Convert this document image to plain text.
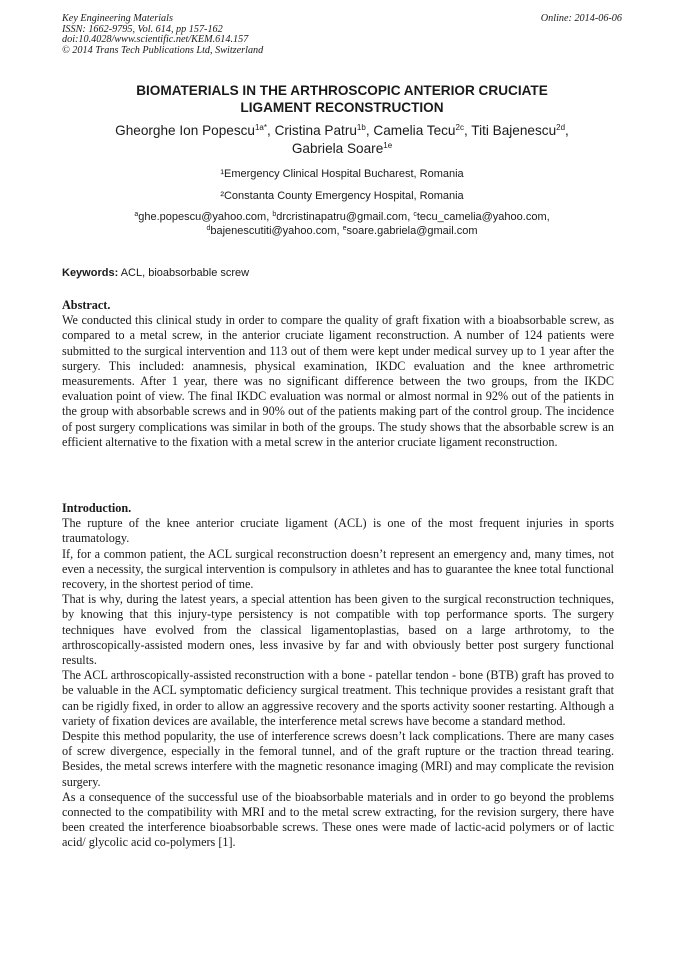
Key Engineering Materials	Online: 2014-06-06
ISSN: 1662-9795, Vol. 614, pp 157-162
doi:10.4028/www.scientific.net/KEM.614.157
© 2014 Trans Tech Publications Ltd, Switzerland
BIOMATERIALS IN THE ARTHROSCOPIC ANTERIOR CRUCIATE
LIGAMENT RECONSTRUCTION
Gheorghe Ion Popescu$^{1a*}$, Cristina Patru$^{1b}$, Camelia Tecu$^{2c}$, Titi Bajenescu$^{2d}$,
Gabriela Soare$^{1e}$
¹Emergency Clinical Hospital Bucharest, Romania
²Constanta County Emergency Hospital, Romania
$^a$ghe.popescu@yahoo.com, $^b$drcristinapatru@gmail.com, $^c$tecu_camelia@yahoo.com,
$^d$bajenescutiti@yahoo.com, $^e$soare.gabriela@gmail.com
Keywords: ACL, bioabsorbable screw

Abstract.

We conducted this clinical study in order to compare the quality of graft fixation with a bioabsorbable screw, as compared to a metal screw, in the anterior cruciate ligament reconstruction. A number of 124 patients were submitted to the surgical intervention and 113 out of them were kept under medical survey up to 1 year after the surgery. This included: anamnesis, physical examination, IKDC evaluation and the knee arthrometric measurements. After 1 year, there was no significant difference between the two groups, from the IKDC evaluation point of view. The final IKDC evaluation was normal or almost normal in 92% out of the patients in the group with absorbable screws and in 90% out of the patients making part of the control group. The incidence of post surgery complications was similar in both of the groups. The study shows that the absorbable screw is an efficient alternative to the fixation with a metal screw in the anterior cruciate ligament reconstruction.

Introduction.

The rupture of the knee anterior cruciate ligament (ACL) is one of the most frequent injuries in sports traumatology.

If, for a common patient, the ACL surgical reconstruction doesn’t represent an emergency and, many times, not even a necessity, the surgical intervention is compulsory in athletes and has to guarantee the knee total functional recovery, in the shortest period of time.

That is why, during the latest years, a special attention has been given to the surgical reconstruction techniques, by knowing that this injury-type persistency is not compatible with top performance sports. The surgery techniques have evolved from the classical ligamentoplastias, based on a large arthrotomy, to the arthroscopically-assisted modern ones, less invasive by far and with obviously better post surgery functional results.

The ACL arthroscopically-assisted reconstruction with a bone - patellar tendon - bone (BTB) graft has proved to be valuable in the ACL symptomatic deficiency surgical treatment. This technique provides a resistant graft that can be rigidly fixed, in order to allow an aggressive recovery and the sports activity sooner restarting. Although a variety of fixation devices are available, the interference metal screws have become a standard method.

Despite this method popularity, the use of interference screws doesn’t lack complications. There are many cases of screw divergence, especially in the femoral tunnel, and of the graft rupture or the traction thread tearing. Besides, the metal screws interfere with the magnetic resonance imaging (MRI) and may complicate the revision surgery.

As a consequence of the successful use of the bioabsorbable materials and in order to go beyond the problems connected to the compatibility with MRI and to the metal screw extracting, for the revision surgery, there have been created the interference bioabsorbable screws. These ones were made of lactic-acid polymers or of lactic acid/ glycolic acid co-polymers [1].
